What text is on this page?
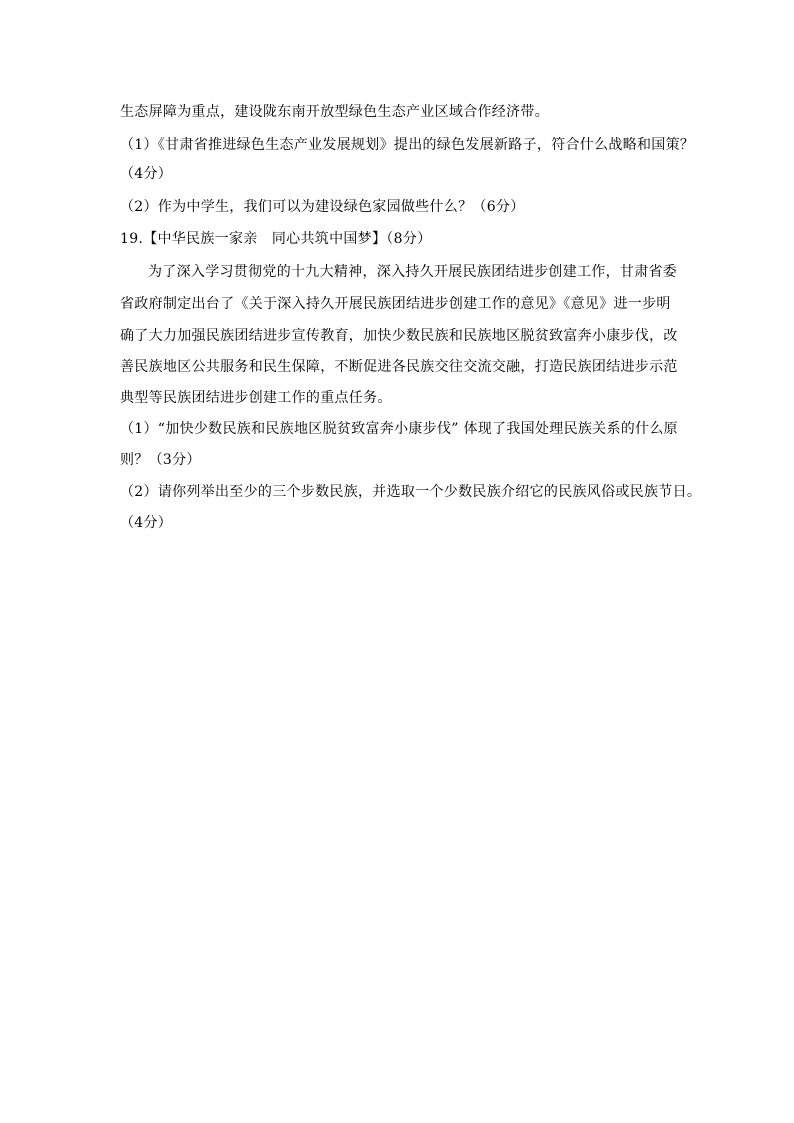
生态屏障为重点，建设陇东南开放型绿色生态产业区域合作经济带。
（1）《甘肃省推进绿色生态产业发展规划》提出的绿色发展新路子，符合什么战略和国策？
（4分）
（2）作为中学生，我们可以为建设绿色家园做些什么？（6分）
19.【中华民族一家亲　同心共筑中国梦】（8分）
为了深入学习贯彻党的十九大精神，深入持久开展民族团结进步创建工作，甘肃省委
省政府制定出台了《关于深入持久开展民族团结进步创建工作的意见》《意见》进一步明
确了大力加强民族团结进步宣传教育，加快少数民族和民族地区脱贫致富奔小康步伐，改
善民族地区公共服务和民生保障，不断促进各民族交往交流交融，打造民族团结进步示范
典型等民族团结进步创建工作的重点任务。
（1）“加快少数民族和民族地区脱贫致富奔小康步伐” 体现了我国处理民族关系的什么原
则？（3分）
（2）请你列举出至少的三个步数民族，并选取一个少数民族介绍它的民族风俗或民族节日。
（4分）
